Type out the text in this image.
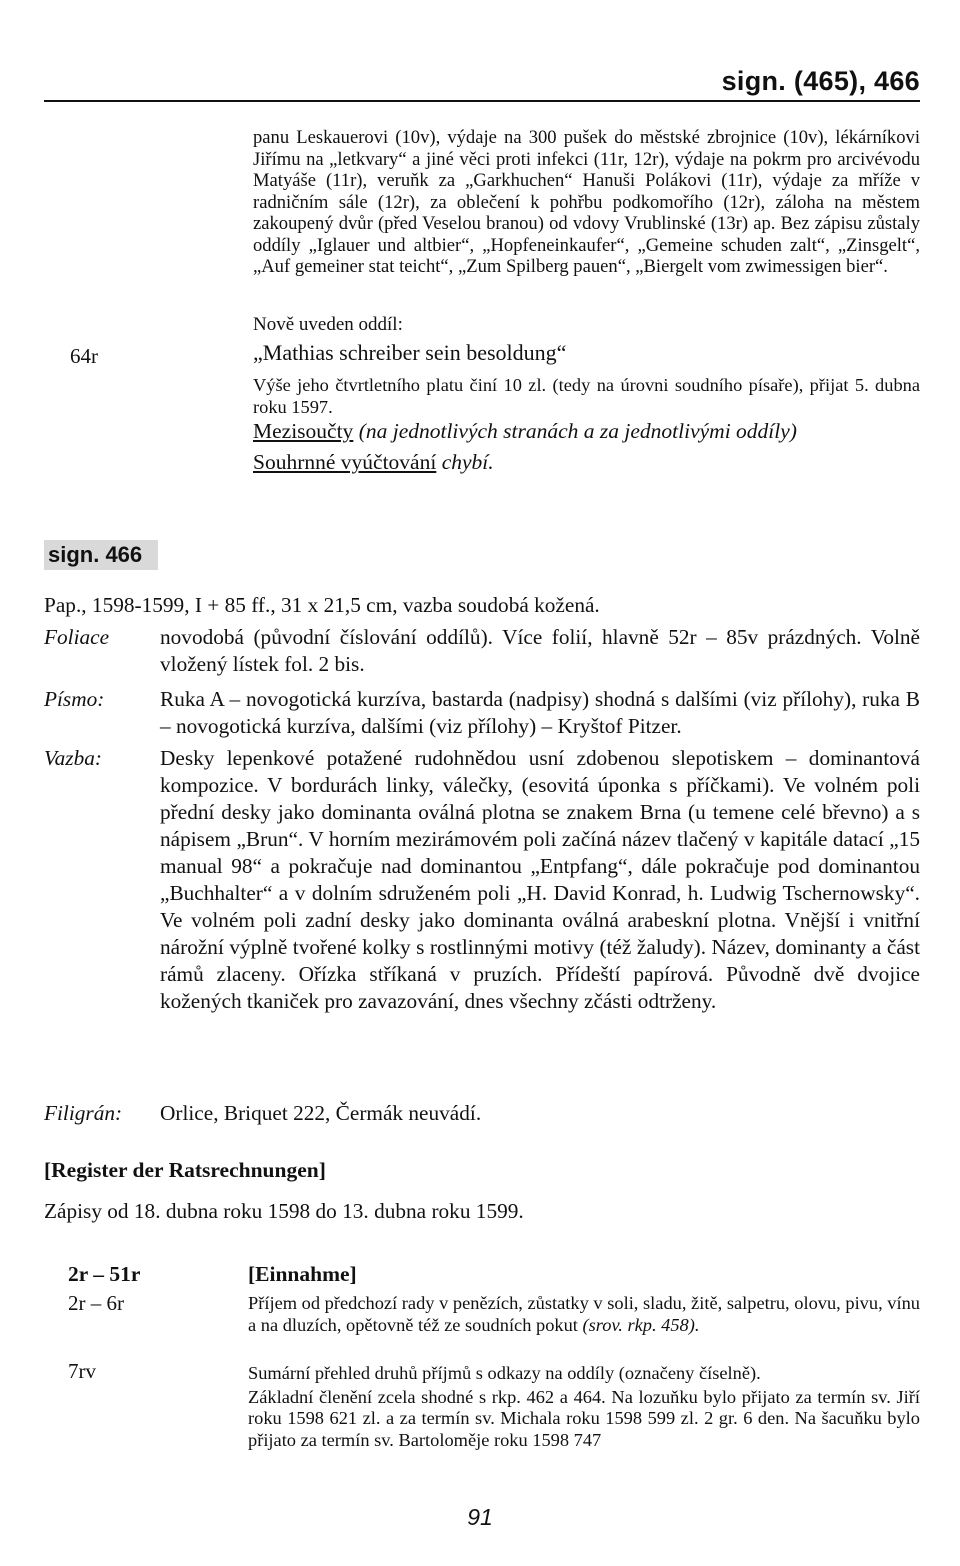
sign. (465), 466

panu Leskauerovi (10v), výdaje na 300 pušek do městské zbrojnice (10v), lékárníkovi Jiřímu na „letkvary“ a jiné věci proti infekci (11r, 12r), výdaje na pokrm pro arcivévodu Matyáše (11r), veruňk za „Garkhuchen“ Hanuši Polákovi (11r), výdaje za mříže v radničním sále (12r), za oblečení k pohřbu podkomořího (12r), záloha na městem zakoupený dvůr (před Veselou branou) od vdovy Vrublinské (13r) ap. Bez zápisu zůstaly oddíly „Iglauer und altbier“, „Hopfeneinkaufer“, „Gemeine schuden zalt“, „Zinsgelt“, „Auf gemeiner stat teicht“, „Zum Spilberg pauen“, „Biergelt vom zwimessigen bier“.

Nově uveden oddíl:
64r	„Mathias schreiber sein besoldung“
Výše jeho čtvrtletního platu činí 10 zl. (tedy na úrovni soudního písaře), přijat 5. dubna roku 1597.
Mezisoučty (na jednotlivých stranách a za jednotlivými oddíly)
Souhrnné vyúčtování chybí.
sign. 466
Pap., 1598-1599, I + 85 ff., 31 x 21,5 cm, vazba soudobá kožená.
Foliace novodobá (původní číslování oddílů). Více folií, hlavně 52r – 85v prázdných. Volně vložený lístek fol. 2 bis.
Písmo:	Ruka A – novogotická kurzíva, bastarda (nadpisy) shodná s dalšími (viz přílohy), ruka B – novogotická kurzíva, dalšími (viz přílohy) – Kryštof Pitzer.
Vazba:	Desky lepenkové potažené rudohnědou usní zdobenou slepotiskem – dominantová kompozice. V bordurách linky, válečky, (esovitá úponka s příčkami). Ve volném poli přední desky jako dominanta oválná plotna se znakem Brna (u temene celé břevno) a s nápisem „Brun“. V horním mezirámovém poli začíná název tlačený v kapitále datací „15 manual 98“ a pokračuje nad dominantou „Entpfang“, dále pokračuje pod dominantou „Buchhalter“ a v dolním sdruženém poli „H. David Konrad, h. Ludwig Tschernowsky“. Ve volném poli zadní desky jako dominanta oválná arabeskní plotna. Vnější i vnitřní nárožní výplně tvořené kolky s rostlinnými motivy (též žaludy). Název, dominanty a část rámů zlaceny. Ořízka stříkaná v pruzích. Přídeští papírová. Původně dvě dvojice kožených tkaniček pro zavazování, dnes všechny zčásti odtrženy.
Filigrán: Orlice, Briquet 222, Čermák neuvádí.
[Register der Ratsrechnungen]
Zápisy od 18. dubna roku 1598 do 13. dubna roku 1599.
2r – 51r	[Einnahme]
2r – 6r	Příjem od předchozí rady v penězích, zůstatky v soli, sladu, žitě, salpetru, olovu, pivu, vínu a na dluzích, opětovně též ze soudních pokut (srov. rkp. 458).
7rv	Sumární přehled druhů příjmů s odkazy na oddíly (označeny číselně).

Základní členění zcela shodné s rkp. 462 a 464. Na lozuňku bylo přijato za termín sv. Jiří roku 1598 621 zl. a za termín sv. Michala roku 1598 599 zl. 2 gr. 6 den. Na šacuňku bylo přijato za termín sv. Bartoloměje roku 1598 747

91
